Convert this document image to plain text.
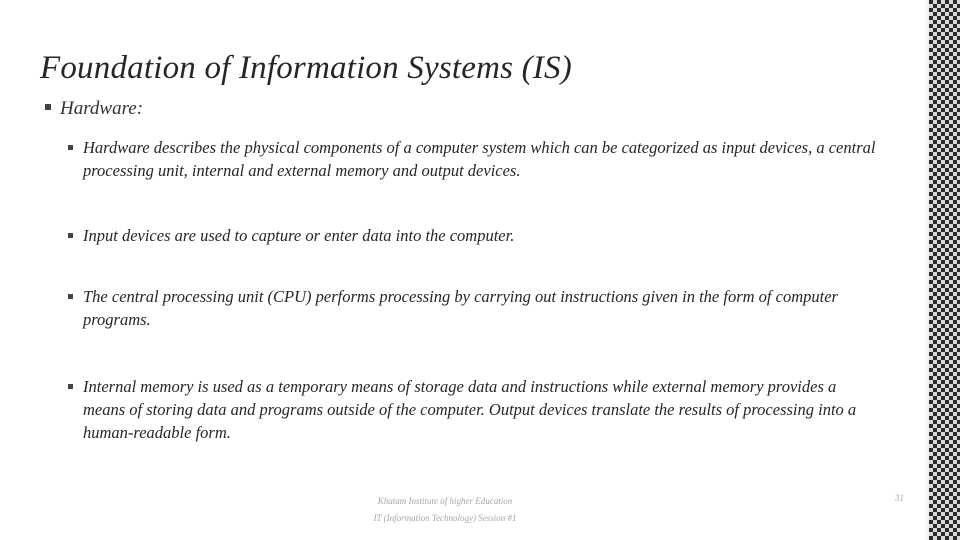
Foundation of Information Systems (IS)
Hardware:
Hardware describes the physical components of a computer system which can be categorized as input devices, a central processing unit, internal and external memory and output devices.
Input devices are used to capture or enter data into the computer.
The central processing unit (CPU) performs processing by carrying out instructions given in the form of computer programs.
Internal memory is used as a temporary means of storage data and instructions while external memory provides a means of storing data and programs outside of the computer. Output devices translate the results of processing into a human-readable form.
Khatam Institute of higher Education
IT (Information Technology) Session #1
31
